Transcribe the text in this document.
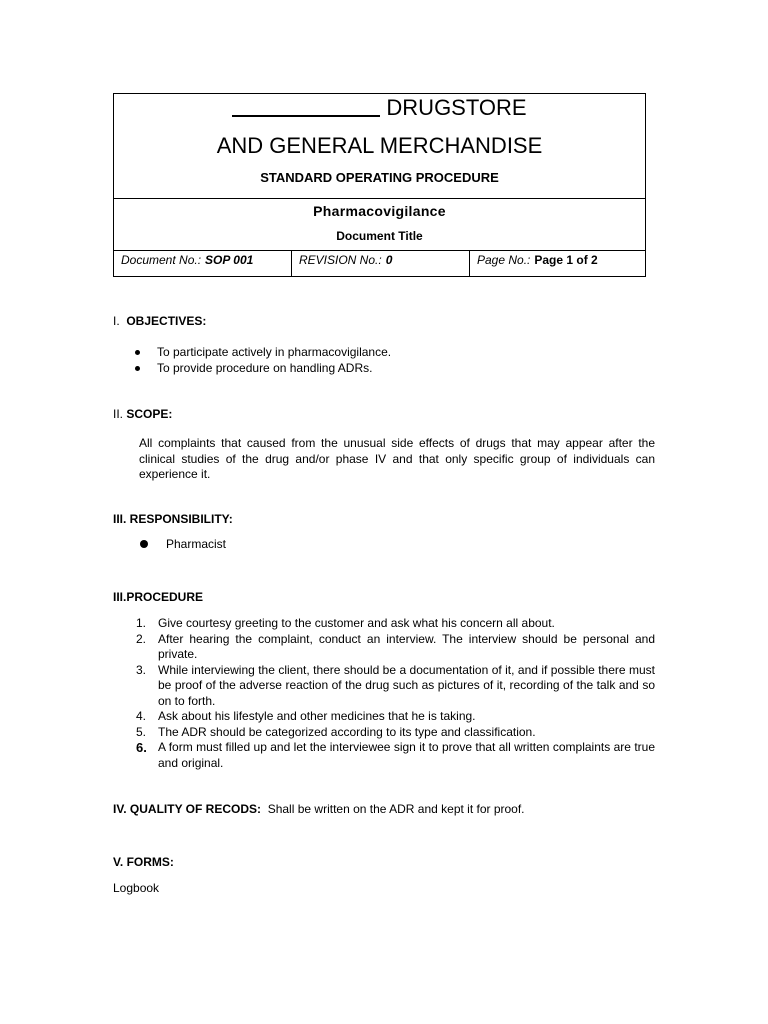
DRUGSTORE
AND GENERAL MERCHANDISE
STANDARD OPERATING PROCEDURE
Pharmacovigilance
Document Title
Document No.: SOP 001	REVISION No.: 0	Page No.: Page 1 of 2
I. OBJECTIVES:
To participate actively in pharmacovigilance.
To provide procedure on handling ADRs.
II. SCOPE:
All complaints that caused from the unusual side effects of drugs that may appear after the clinical studies of the drug and/or phase IV and that only specific group of individuals can experience it.
III. RESPONSIBILITY:
Pharmacist
III.PROCEDURE
1. Give courtesy greeting to the customer and ask what his concern all about.
2. After hearing the complaint, conduct an interview. The interview should be personal and private.
3. While interviewing the client, there should be a documentation of it, and if possible there must be proof of the adverse reaction of the drug such as pictures of it, recording of the talk and so on to forth.
4. Ask about his lifestyle and other medicines that he is taking.
5. The ADR should be categorized according to its type and classification.
6. A form must filled up and let the interviewee sign it to prove that all written complaints are true and original.
IV. QUALITY OF RECODS: Shall be written on the ADR and kept it for proof.
V. FORMS:
Logbook
